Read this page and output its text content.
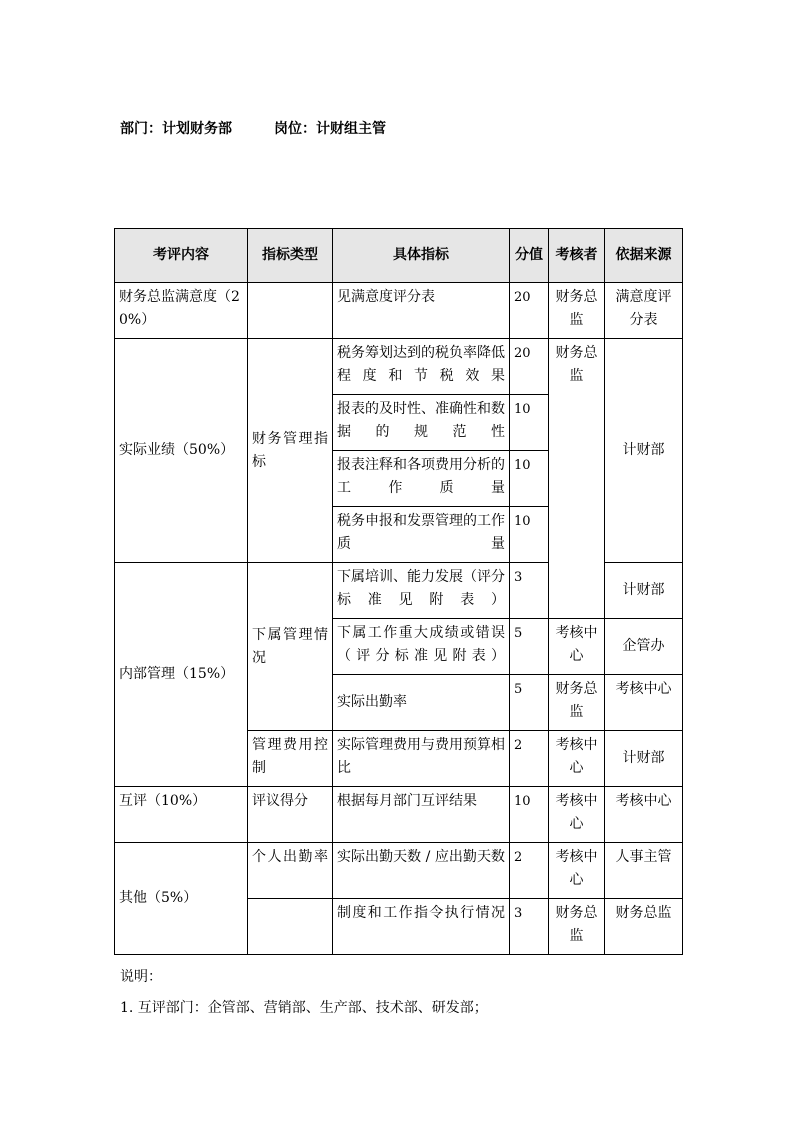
部门：计划财务部	岗位：计财组主管
考评内容	指标类型	具体指标	分值	考核者	依据来源
财务总监满意度（20%）		见满意度评分表	20	财务总监	满意度评分表
实际业绩（50%）	财务管理指标	税务筹划达到的税负率降低程度和节税效果	20	财务总监	计财部
		报表的及时性、准确性和数据的规范性	10		
		报表注释和各项费用分析的工作质量	10		
		税务申报和发票管理的工作质量	10		
内部管理（15%）	下属管理情况	下属培训、能力发展（评分标准见附表）	3		计财部
		下属工作重大成绩或错误（评分标准见附表）	5	考核中心	企管办
		实际出勤率	5	财务总监	考核中心
	管理费用控制	实际管理费用与费用预算相比	2	考核中心	计财部
互评（10%）	评议得分	根据每月部门互评结果	10	考核中心	考核中心
其他（5%）	个人出勤率	实际出勤天数 / 应出勤天数	2	考核中心	人事主管
		制度和工作指令执行情况	3	财务总监	财务总监
说明：
1. 互评部门：企管部、营销部、生产部、技术部、研发部；
